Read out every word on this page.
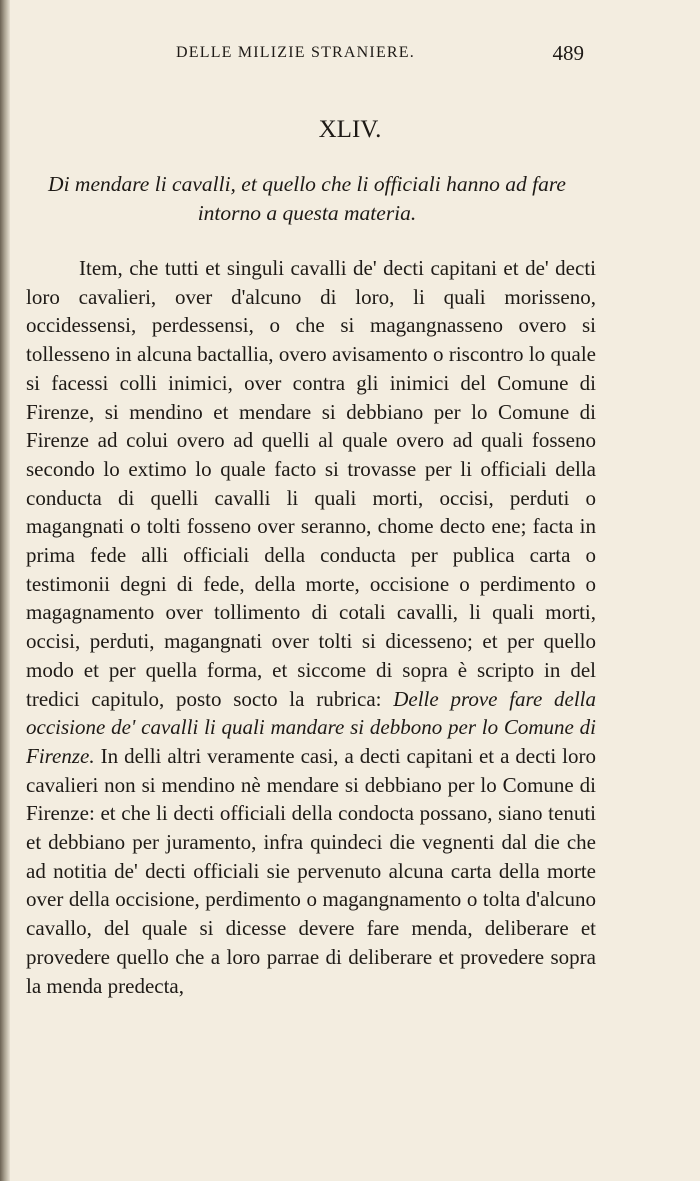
DELLE MILIZIE STRANIERE.	489
XLIV.
Di mendare li cavalli, et quello che li officiali hanno ad fare intorno a questa materia.

Item, che tutti et singuli cavalli de' decti capitani et de' decti loro cavalieri, over d'alcuno di loro, li quali morisseno, occidessensi, perdessensi, o che si magangnasseno overo si tollesseno in alcuna bactallia, overo avisamento o riscontro lo quale si facessi colli inimici, over contra gli inimici del Comune di Firenze, si mendino et mendare si debbiano per lo Comune di Firenze ad colui overo ad quelli al quale overo ad quali fosseno secondo lo extimo lo quale facto si trovasse per li officiali della conducta di quelli cavalli li quali morti, occisi, perduti o magangnati o tolti fosseno over seranno, chome decto ene; facta in prima fede alli officiali della conducta per publica carta o testimonii degni di fede, della morte, occisione o perdimento o magagnamento over tollimento di cotali cavalli, li quali morti, occisi, perduti, magangnati over tolti si dicesseno; et per quello modo et per quella forma, et siccome di sopra è scripto in del tredici capitulo, posto socto la rubrica: Delle prove fare della occisione de' cavalli li quali mandare si debbono per lo Comune di Firenze. In delli altri veramente casi, a decti capitani et a decti loro cavalieri non si mendino nè mendare si debbiano per lo Comune di Firenze: et che li decti officiali della condocta possano, siano tenuti et debbiano per juramento, infra quindeci die vegnenti dal die che ad notitia de' decti officiali sie pervenuto alcuna carta della morte over della occisione, perdimento o magangnamento o tolta d'alcuno cavallo, del quale si dicesse devere fare menda, deliberare et provedere quello che a loro parrae di deliberare et provedere sopra la menda predecta,
